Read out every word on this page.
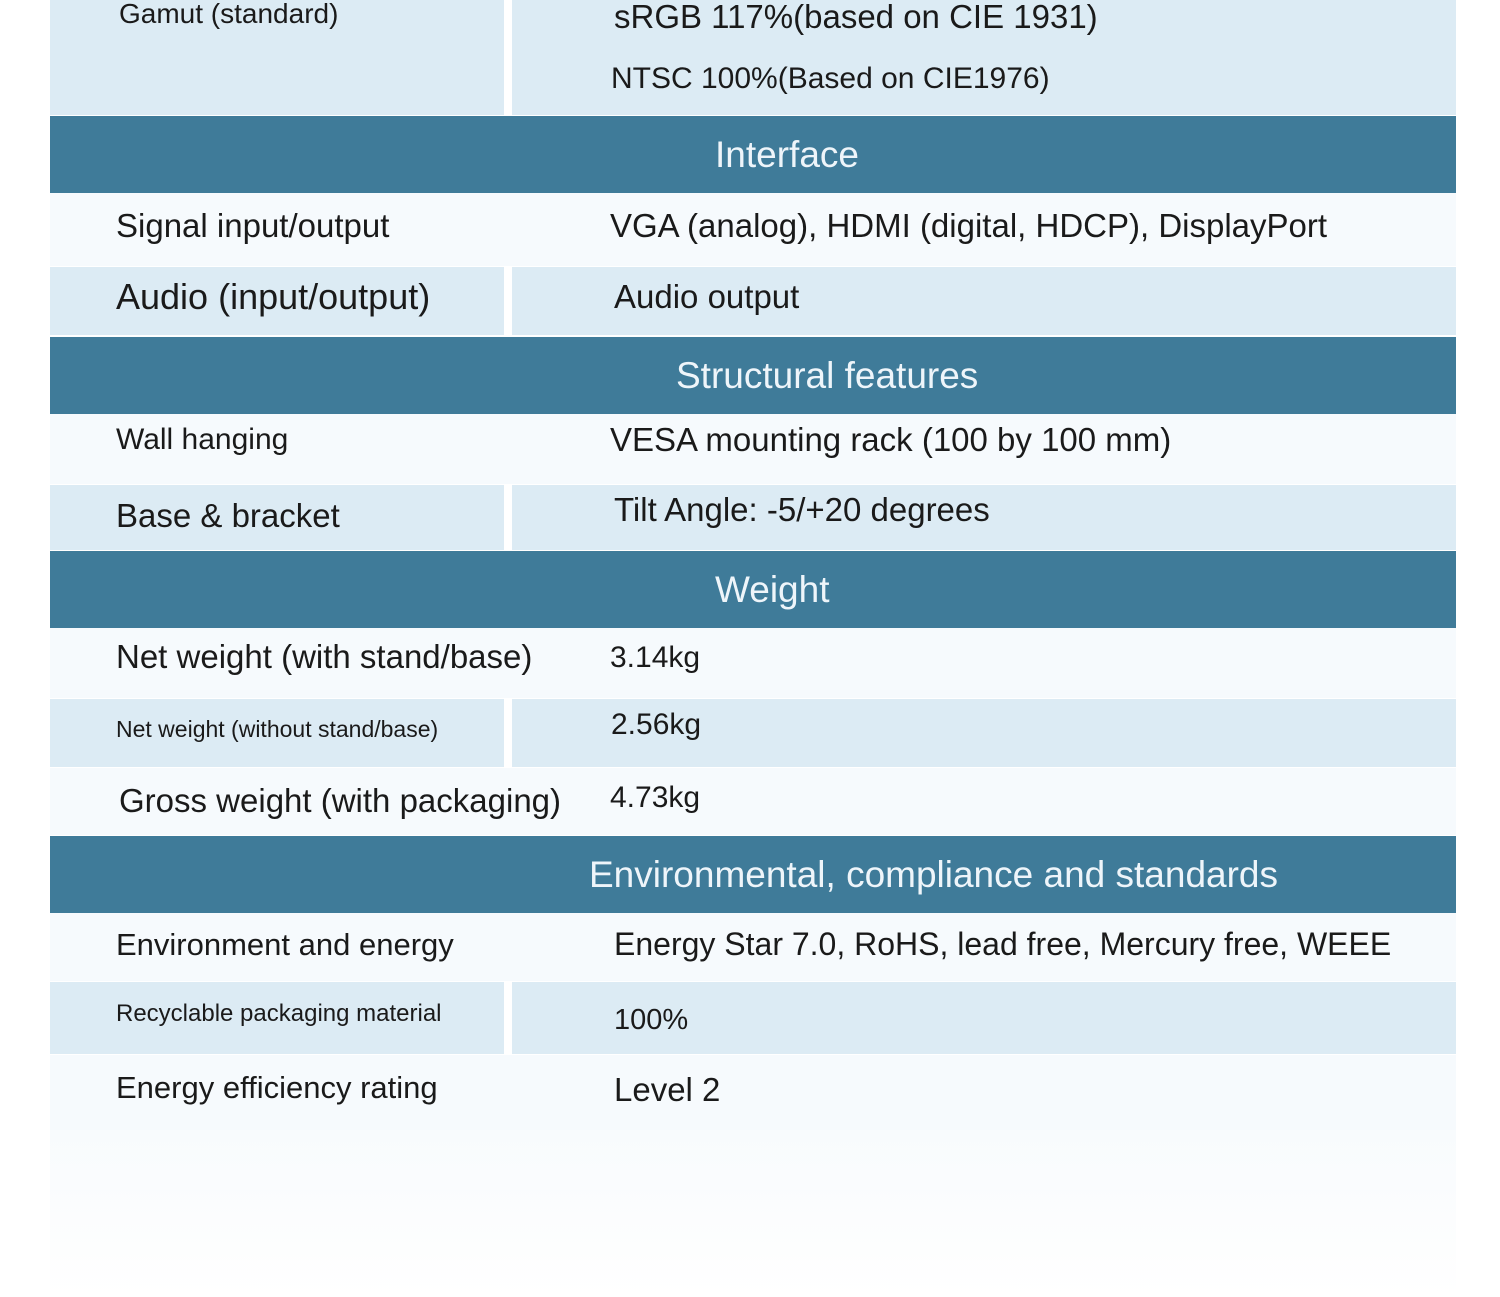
Gamut (standard)	sRGB 117%(based on CIE 1931)
NTSC 100%(Based on CIE1976)
Interface
Signal input/output	VGA (analog), HDMI (digital, HDCP), DisplayPort
Audio (input/output)	Audio output
Structural features
Wall hanging	VESA mounting rack (100 by 100 mm)
Base & bracket	Tilt Angle: -5/+20 degrees
Weight
Net weight (with stand/base)	3.14kg
Net weight (without stand/base)	2.56kg
Gross weight (with packaging) 4.73kg
Environmental, compliance and standards
Environment and energy	Energy Star 7.0, RoHS, lead free, Mercury free, WEEE
Recyclable packaging material	100%
Energy efficiency rating	Level 2
